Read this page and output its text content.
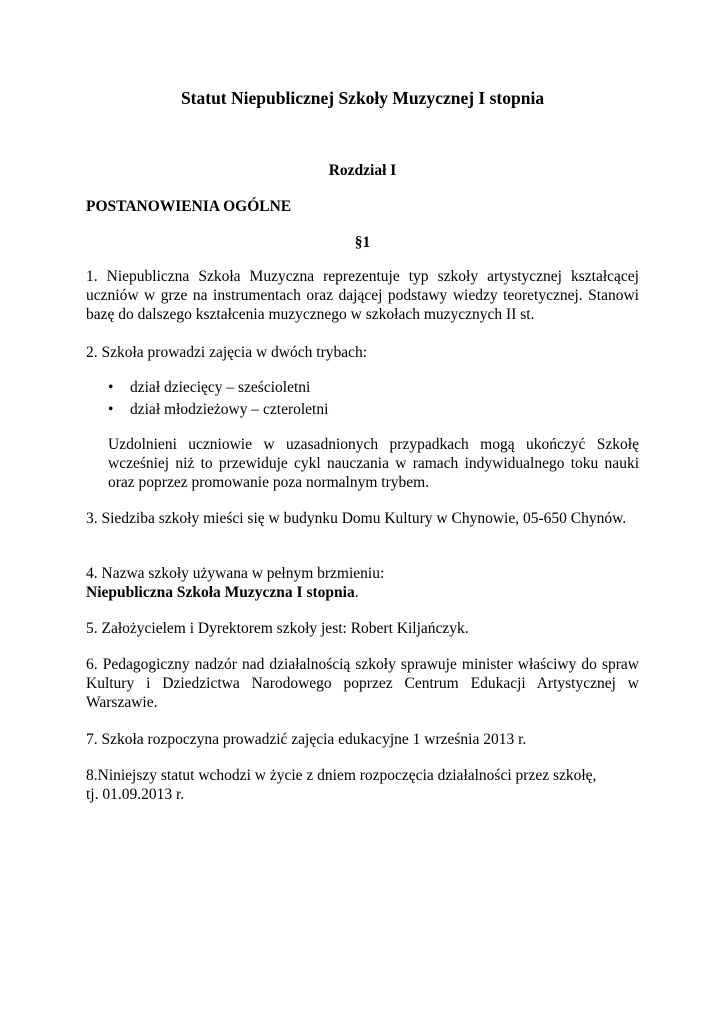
Statut Niepublicznej Szkoły Muzycznej I stopnia
Rozdział I
POSTANOWIENIA OGÓLNE
§1
1. Niepubliczna Szkoła Muzyczna reprezentuje typ szkoły artystycznej kształcącej uczniów w grze na instrumentach oraz dającej podstawy wiedzy teoretycznej. Stanowi bazę do dalszego kształcenia muzycznego w szkołach muzycznych II st.
2. Szkoła prowadzi zajęcia w dwóch trybach:
• dział dziecięcy – sześcioletni
• dział młodzieżowy – czteroletni
Uzdolnieni uczniowie w uzasadnionych przypadkach mogą ukończyć Szkołę wcześniej niż to przewiduje cykl nauczania w ramach indywidualnego toku nauki oraz poprzez promowanie poza normalnym trybem.
3. Siedziba szkoły mieści się w budynku Domu Kultury w Chynowie, 05-650 Chynów.
4. Nazwa szkoły używana w pełnym brzmieniu:
Niepubliczna Szkoła Muzyczna I stopnia.
5. Założycielem i Dyrektorem szkoły jest: Robert Kiljańczyk.
6. Pedagogiczny nadzór nad działalnością szkoły sprawuje minister właściwy do spraw Kultury i Dziedzictwa Narodowego poprzez Centrum Edukacji Artystycznej w Warszawie.
7. Szkoła rozpoczyna prowadzić zajęcia edukacyjne 1 września 2013 r.
8.Niniejszy statut wchodzi w życie z dniem rozpoczęcia działalności przez szkołę,
tj. 01.09.2013 r.
